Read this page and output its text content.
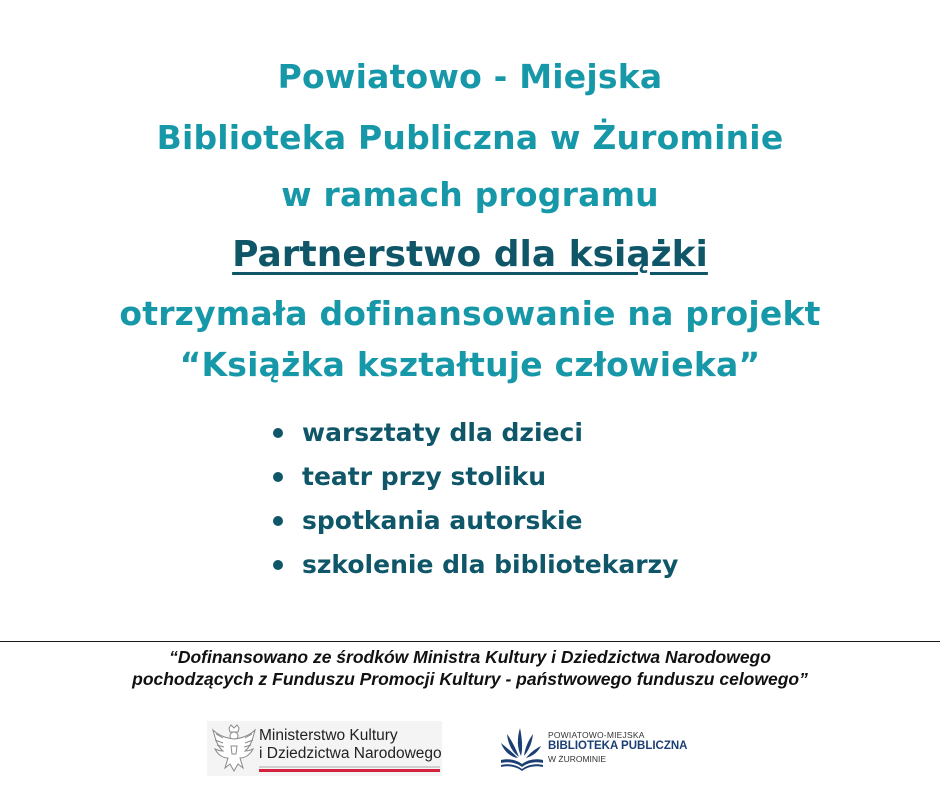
Powiatowo - Miejska
Biblioteka Publiczna w Żurominie
w ramach programu
Partnerstwo dla książki
otrzymała dofinansowanie na projekt
“Książka kształtuje człowieka”
warsztaty dla dzieci
teatr przy stoliku
spotkania autorskie
szkolenie dla bibliotekarzy
“Dofinansowano ze środków Ministra Kultury i Dziedzictwa Narodowego
pochodzących z Funduszu Promocji Kultury - państwowego funduszu celowego”
Ministerstwo Kultury
i Dziedzictwa Narodowego
POWIATOWO-MIEJSKA
BIBLIOTEKA PUBLICZNA
W ŻUROMINIE
